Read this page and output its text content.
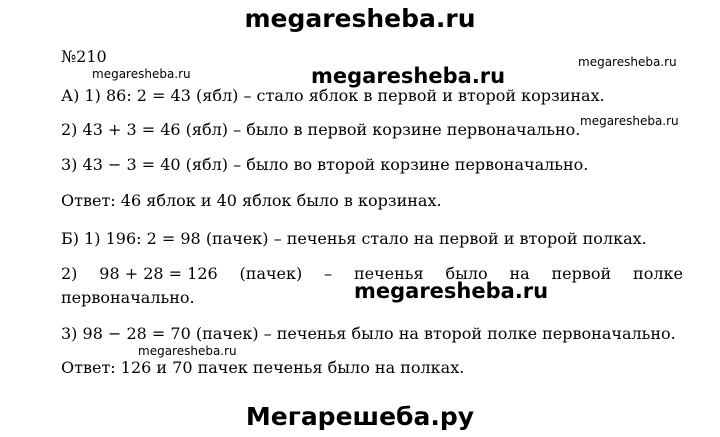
megaresheba.ru
№210	megaresheba.ru
megaresheba.ru	megaresheba.ru
А) 1) 86: 2 = 43 (ябл) – стало яблок в первой и второй корзинах.
megaresheba.ru
2) 43 + 3 = 46 (ябл) – было в первой корзине первоначально.
3) 43 − 3 = 40 (ябл) – было во второй корзине первоначально.
Ответ: 46 яблок и 40 яблок было в корзинах.
Б) 1) 196: 2 = 98 (пачек) – печенья стало на первой и второй полках.
2) 98 + 28 = 126 (пачек) – печенья было на первой полке
первоначально.	megaresheba.ru
3) 98 − 28 = 70 (пачек) – печенья было на второй полке первоначально.
megaresheba.ru
Ответ: 126 и 70 пачек печенья было на полках.
Мегарешеба.ру
